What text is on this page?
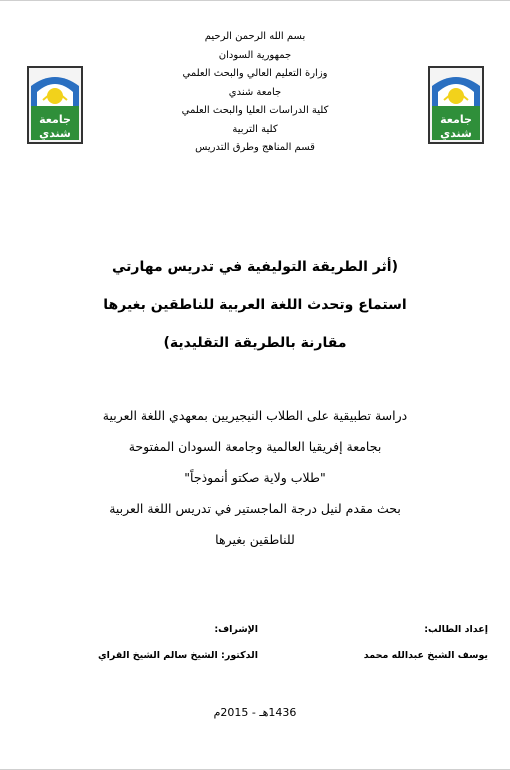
جامعة
شندي
جامعة
شندي
بسم الله الرحمن الرحيم
جمهورية السودان
وزارة التعليم العالي والبحث العلمي
جامعة شندي
كلية الدراسات العليا والبحث العلمي
كلية التربية
قسم المناهج وطرق التدريس
(أثر الطريقة التوليفية في تدريس مهارتي
استماع وتحدث اللغة العربية للناطقين بغيرها
مقارنة بالطريقة التقليدية)
دراسة تطبيقية على الطلاب النيجيريين بمعهدي اللغة العربية
بجامعة إفريقيا العالمية وجامعة السودان المفتوحة
"طلاب ولاية صكتو أنموذجاً"
بحث مقدم لنيل درجة الماجستير في تدريس اللغة العربية
للناطقين بغيرها
إعداد الطالب:
يوسف الشيخ عبدالله محمد
الإشراف:
الدكتور: الشيخ سالم الشيخ القراي
1436هـ - 2015م
